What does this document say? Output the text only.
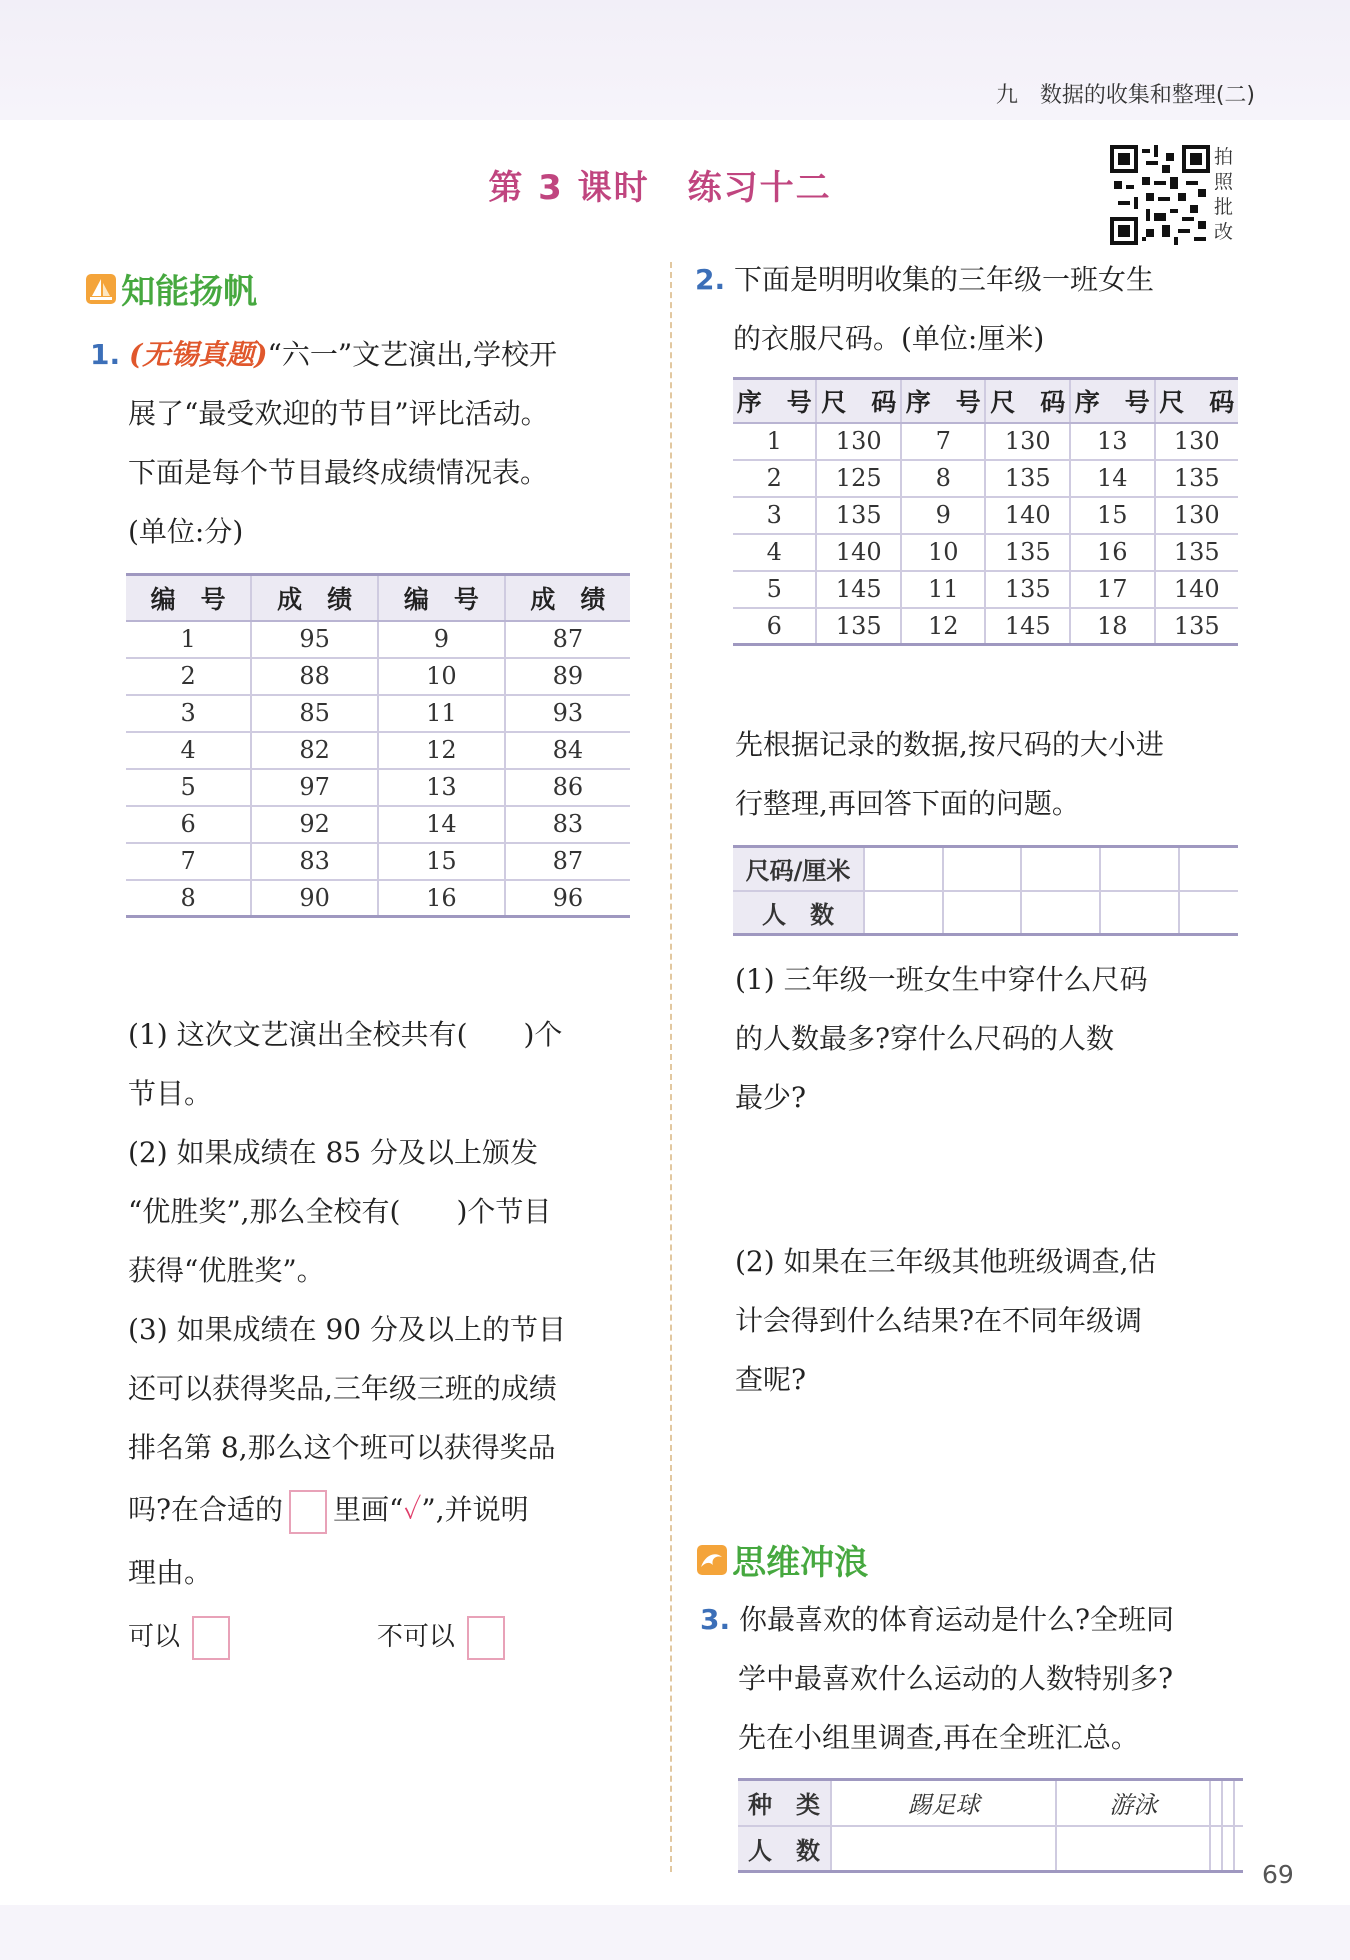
九　数据的收集和整理(二)
第 3 课时 练习十二
拍
照
批
改
知能扬帆
1. (无锡真题)“六一”文艺演出,学校开
展了“最受欢迎的节目”评比活动。
下面是每个节目最终成绩情况表。
(单位:分)
编　号	成　绩	编　号	成　绩
1	95	9	87
2	88	10	89
3	85	11	93
4	82	12	84
5	97	13	86
6	92	14	83
7	83	15	87
8	90	16	96
(1) 这次文艺演出全校共有(　　)个
节目。
(2) 如果成绩在 85 分及以上颁发
“优胜奖”,那么全校有(　　)个节目
获得“优胜奖”。
(3) 如果成绩在 90 分及以上的节目
还可以获得奖品,三年级三班的成绩
排名第 8,那么这个班可以获得奖品
吗?在合适的 里画“✓”,并说明
理由。
可以	不可以
2. 下面是明明收集的三年级一班女生
的衣服尺码。(单位:厘米)
序　号	尺　码	序　号	尺　码	序　号	尺　码
1	130	7	130	13	130
2	125	8	135	14	135
3	135	9	140	15	130
4	140	10	135	16	135
5	145	11	135	17	140
6	135	12	145	18	135
先根据记录的数据,按尺码的大小进
行整理,再回答下面的问题。
尺码/厘米					
人　数					
(1) 三年级一班女生中穿什么尺码
的人数最多?穿什么尺码的人数
最少?
(2) 如果在三年级其他班级调查,估
计会得到什么结果?在不同年级调
查呢?
思维冲浪
3. 你最喜欢的体育运动是什么?全班同
学中最喜欢什么运动的人数特别多?
先在小组里调查,再在全班汇总。
种　类	踢足球	游泳			
人　数					
69
